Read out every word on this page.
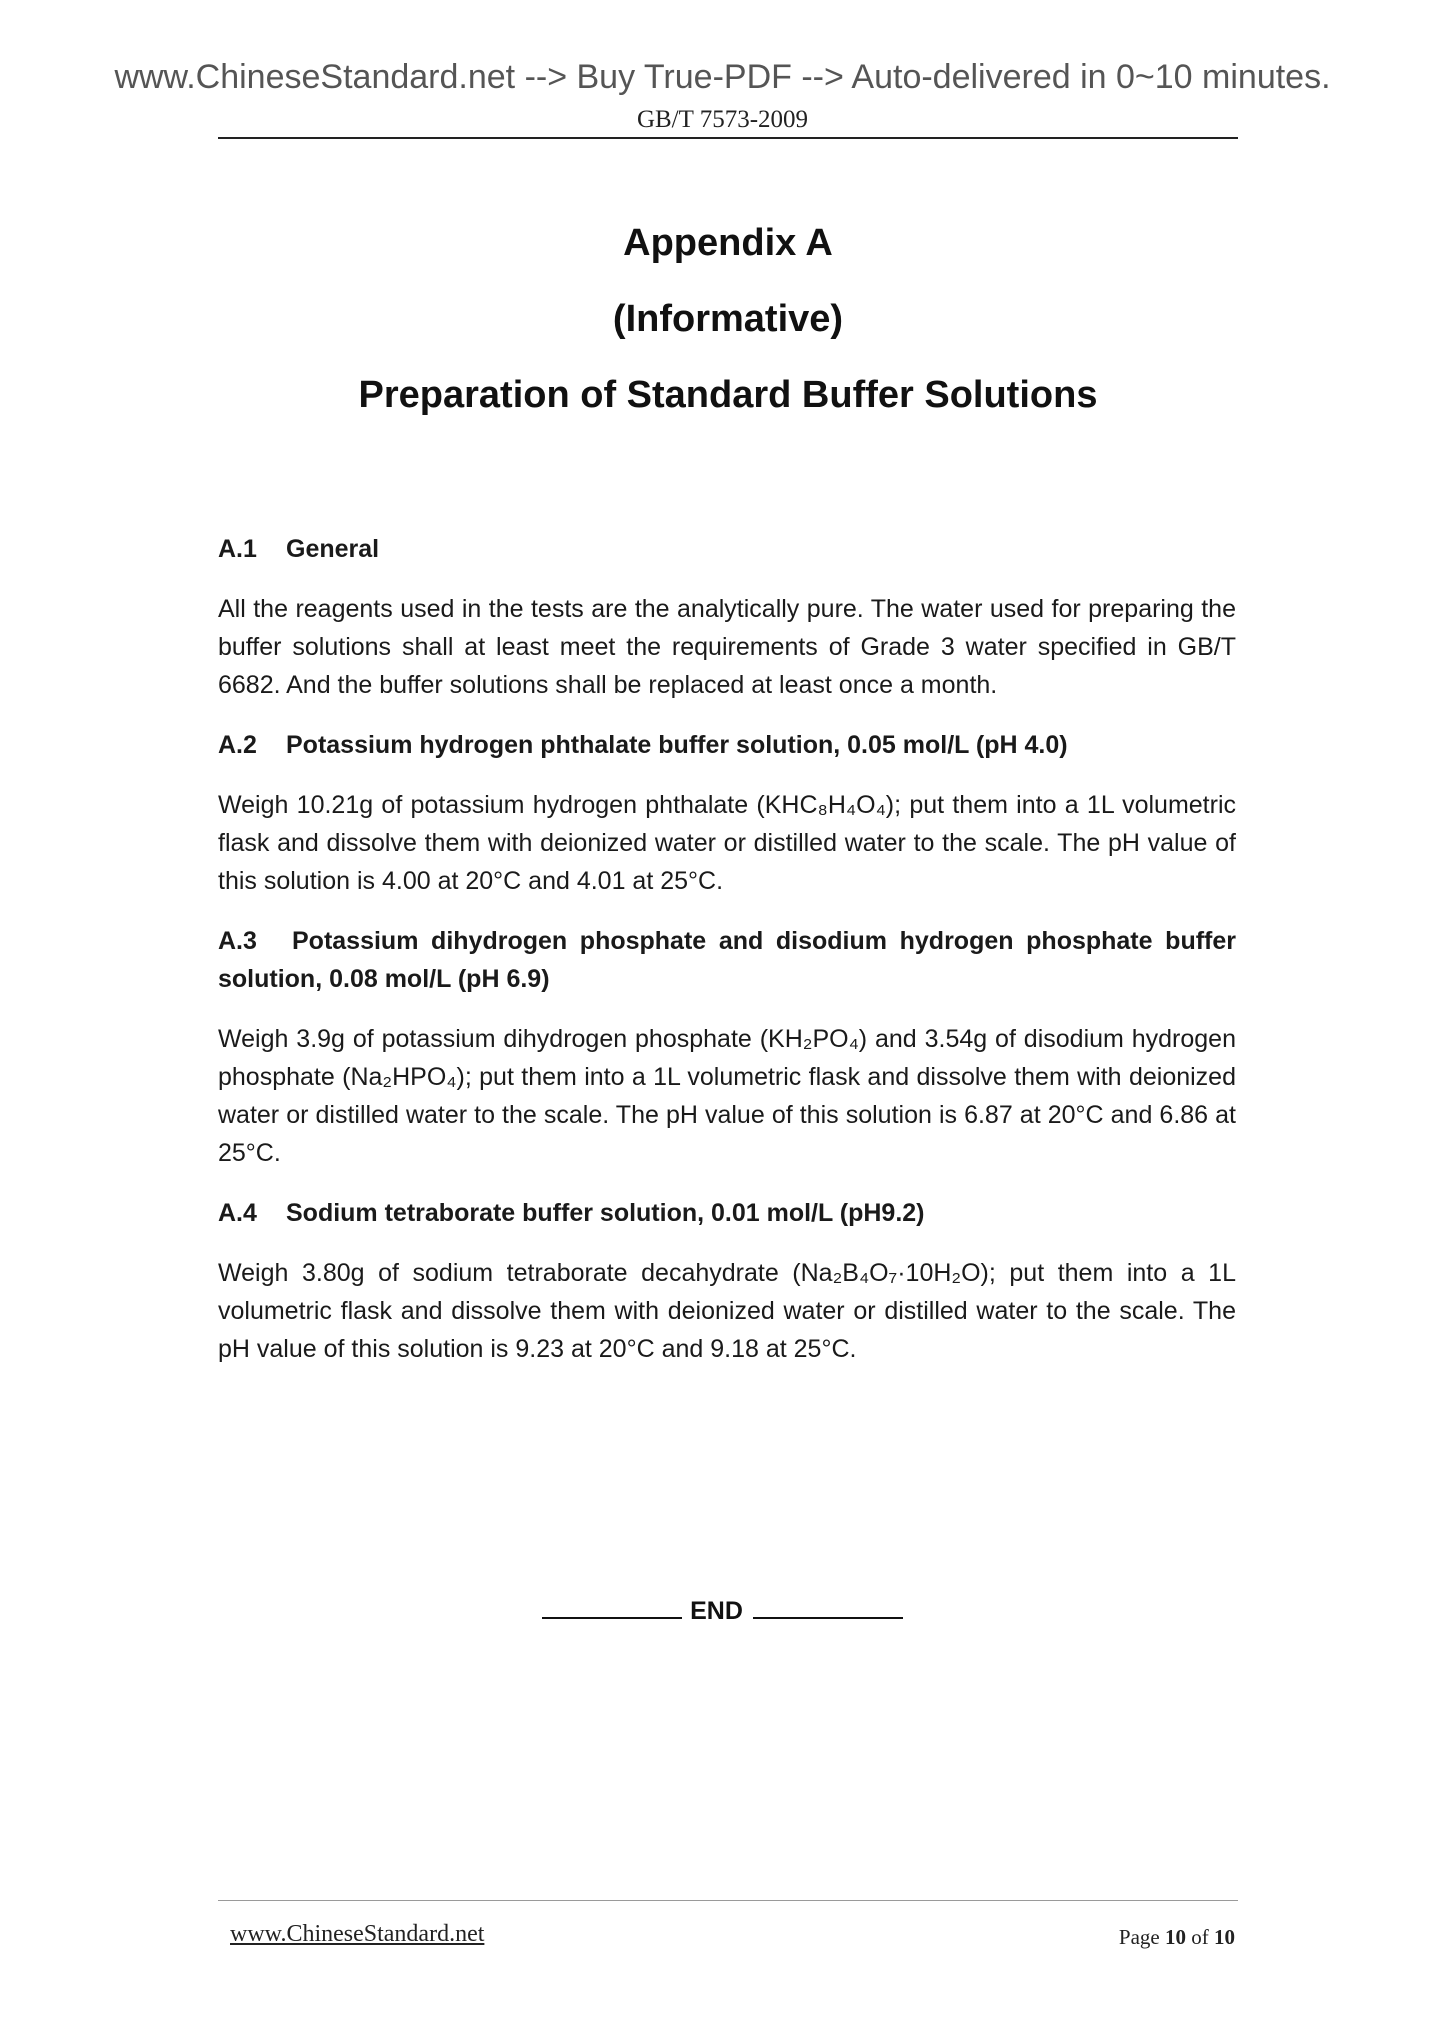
www.ChineseStandard.net --> Buy True-PDF --> Auto-delivered in 0~10 minutes.
GB/T 7573-2009
Appendix A
(Informative)
Preparation of Standard Buffer Solutions
A.1 General
All the reagents used in the tests are the analytically pure. The water used for preparing the buffer solutions shall at least meet the requirements of Grade 3 water specified in GB/T 6682. And the buffer solutions shall be replaced at least once a month.
A.2 Potassium hydrogen phthalate buffer solution, 0.05 mol/L (pH 4.0)
Weigh 10.21g of potassium hydrogen phthalate (KHC₈H₄O₄); put them into a 1L volumetric flask and dissolve them with deionized water or distilled water to the scale. The pH value of this solution is 4.00 at 20°C and 4.01 at 25°C.
A.3 Potassium dihydrogen phosphate and disodium hydrogen phosphate buffer solution, 0.08 mol/L (pH 6.9)
Weigh 3.9g of potassium dihydrogen phosphate (KH₂PO₄) and 3.54g of disodium hydrogen phosphate (Na₂HPO₄); put them into a 1L volumetric flask and dissolve them with deionized water or distilled water to the scale. The pH value of this solution is 6.87 at 20°C and 6.86 at 25°C.
A.4 Sodium tetraborate buffer solution, 0.01 mol/L (pH9.2)
Weigh 3.80g of sodium tetraborate decahydrate (Na₂B₄O₇·10H₂O); put them into a 1L volumetric flask and dissolve them with deionized water or distilled water to the scale. The pH value of this solution is 9.23 at 20°C and 9.18 at 25°C.
END
www.ChineseStandard.net	Page 10 of 10
